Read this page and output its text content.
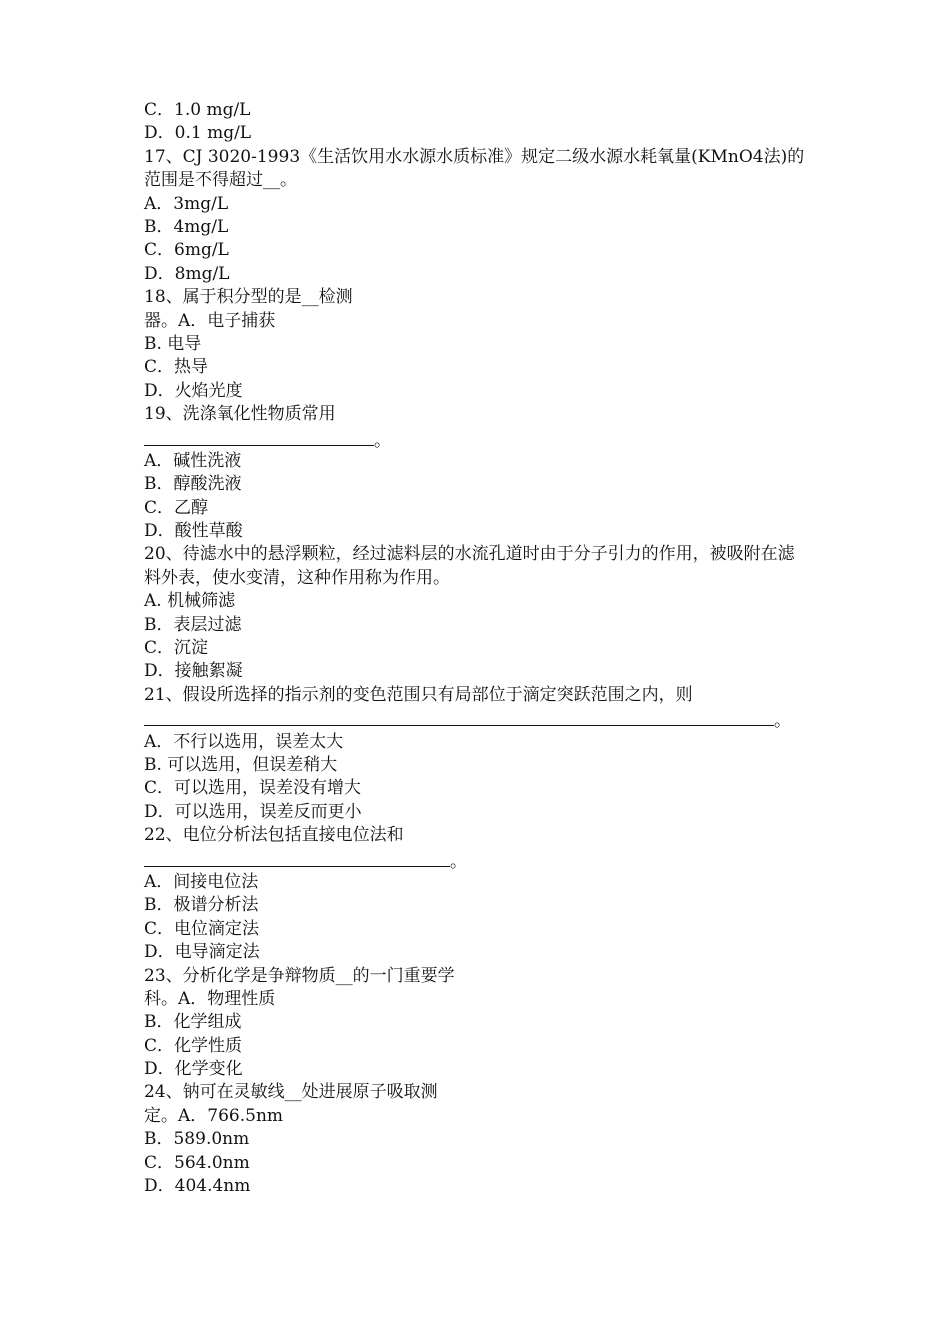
C．1.0 mg/L
D．0.1 mg/L
17、CJ 3020-1993《生活饮用水水源水质标准》规定二级水源水耗氧量(KMnO4法)的范围是不得超过__。
A．3mg/L
B．4mg/L
C．6mg/L
D．8mg/L
18、属于积分型的是__检测
器。A．电子捕获
B. 电导
C．热导
D．火焰光度
19、洗涤氧化性物质常用
。
A．碱性洗液
B．醇酸洗液
C．乙醇
D．酸性草酸
20、待滤水中的悬浮颗粒，经过滤料层的水流孔道时由于分子引力的作用，被吸附在滤料外表，使水变清，这种作用称为作用。
A. 机械筛滤
B．表层过滤
C．沉淀
D．接触絮凝
21、假设所选择的指示剂的变色范围只有局部位于滴定突跃范围之内，则
。
A．不行以选用，误差太大
B. 可以选用，但误差稍大
C．可以选用，误差没有增大
D．可以选用，误差反而更小
22、电位分析法包括直接电位法和
。
A．间接电位法
B．极谱分析法
C．电位滴定法
D．电导滴定法
23、分析化学是争辩物质__的一门重要学
科。A．物理性质
B．化学组成
C．化学性质
D．化学变化
24、钠可在灵敏线__处进展原子吸取测
定。A．766.5nm
B．589.0nm
C．564.0nm
D．404.4nm
